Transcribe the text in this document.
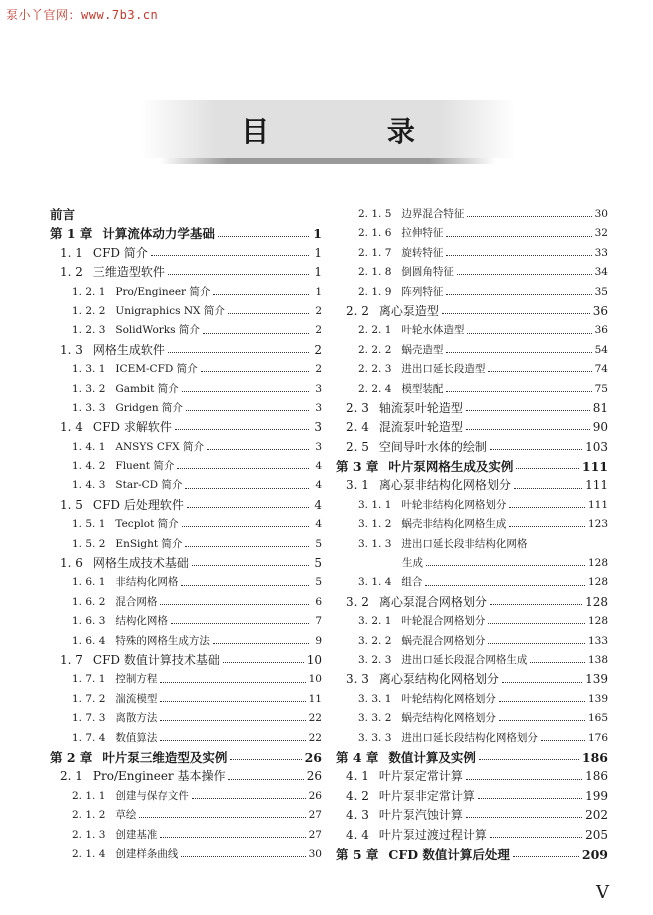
泵小丫官网：www.7b3.cn
目 录
前言
第 1 章 计算流体动力学基础	1
1. 1 CFD 简介	1
1. 2 三维造型软件	1
1. 2. 1 Pro/Engineer 简介	1
1. 2. 2 Unigraphics NX 简介	2
1. 2. 3 SolidWorks 简介	2
1. 3 网格生成软件	2
1. 3. 1 ICEM-CFD 简介	2
1. 3. 2 Gambit 简介	3
1. 3. 3 Gridgen 简介	3
1. 4 CFD 求解软件	3
1. 4. 1 ANSYS CFX 简介	3
1. 4. 2 Fluent 简介	4
1. 4. 3 Star-CD 简介	4
1. 5 CFD 后处理软件	4
1. 5. 1 Tecplot 简介	4
1. 5. 2 EnSight 简介	5
1. 6 网格生成技术基础	5
1. 6. 1 非结构化网格	5
1. 6. 2 混合网格	6
1. 6. 3 结构化网格	7
1. 6. 4 特殊的网格生成方法	9
1. 7 CFD 数值计算技术基础	10
1. 7. 1 控制方程	10
1. 7. 2 湍流模型	11
1. 7. 3 离散方法	22
1. 7. 4 数值算法	22
第 2 章 叶片泵三维造型及实例	26
2. 1 Pro/Engineer 基本操作	26
2. 1. 1 创建与保存文件	26
2. 1. 2 草绘	27
2. 1. 3 创建基准	27
2. 1. 4 创建样条曲线	30
2. 1. 5 边界混合特征	30
2. 1. 6 拉伸特征	32
2. 1. 7 旋转特征	33
2. 1. 8 倒圆角特征	34
2. 1. 9 阵列特征	35
2. 2 离心泵造型	36
2. 2. 1 叶轮水体造型	36
2. 2. 2 蜗壳造型	54
2. 2. 3 进出口延长段造型	74
2. 2. 4 模型装配	75
2. 3 轴流泵叶轮造型	81
2. 4 混流泵叶轮造型	90
2. 5 空间导叶水体的绘制	103
第 3 章 叶片泵网格生成及实例	111
3. 1 离心泵非结构化网格划分	111
3. 1. 1 叶轮非结构化网格划分	111
3. 1. 2 蜗壳非结构化网格生成	123
3. 1. 3 进出口延长段非结构化网格
生成	128
3. 1. 4 组合	128
3. 2 离心泵混合网格划分	128
3. 2. 1 叶轮混合网格划分	128
3. 2. 2 蜗壳混合网格划分	133
3. 2. 3 进出口延长段混合网格生成	138
3. 3 离心泵结构化网格划分	139
3. 3. 1 叶轮结构化网格划分	139
3. 3. 2 蜗壳结构化网格划分	165
3. 3. 3 进出口延长段结构化网格划分	176
第 4 章 数值计算及实例	186
4. 1 叶片泵定常计算	186
4. 2 叶片泵非定常计算	199
4. 3 叶片泵汽蚀计算	202
4. 4 叶片泵过渡过程计算	205
第 5 章 CFD 数值计算后处理	209
V
